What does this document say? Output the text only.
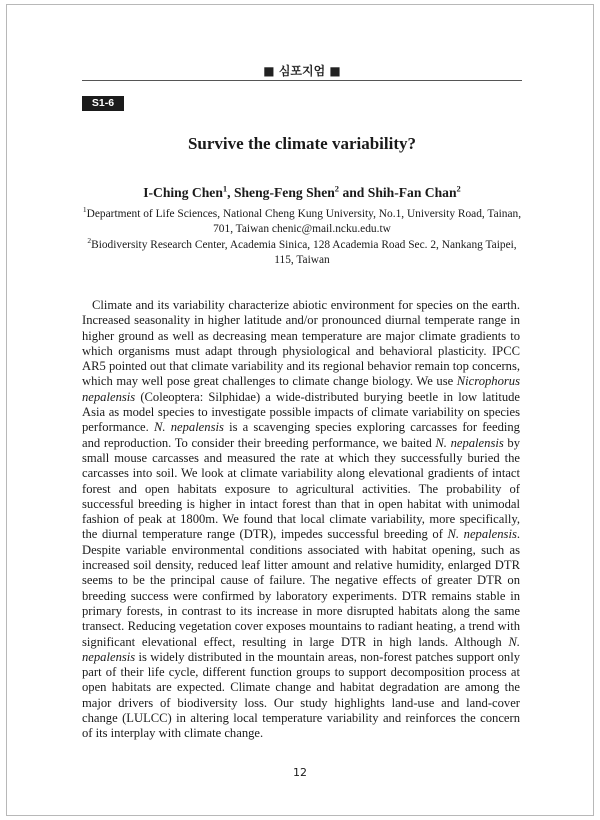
■ 심포지엄 ■
S1-6
Survive the climate variability?
I-Ching Chen$^1$, Sheng-Feng Shen$^2$ and Shih-Fan Chan$^2$
$^1$Department of Life Sciences, National Cheng Kung University, No.1, University Road, Tainan,
701, Taiwan chenic@mail.ncku.edu.tw
$^2$Biodiversity Research Center, Academia Sinica, 128 Academia Road Sec. 2, Nankang Taipei,
115, Taiwan

Climate and its variability characterize abiotic environment for species on the earth. Increased seasonality in higher latitude and/or pronounced diurnal temperate range in higher ground as well as decreasing mean temperature are major climate gradients to which organisms must adapt through physiological and behavioral plasticity. IPCC AR5 pointed out that climate variability and its regional behavior remain top concerns, which may well pose great challenges to climate change biology. We use Nicrophorus nepalensis (Coleoptera: Silphidae) a wide-distributed burying beetle in low latitude Asia as model species to investigate possible impacts of climate variability on species performance. N. nepalensis is a scavenging species exploring carcasses for feeding and reproduction. To consider their breeding performance, we baited N. nepalensis by small mouse carcasses and measured the rate at which they successfully buried the carcasses into soil. We look at climate variability along elevational gradients of intact forest and open habitats exposure to agricultural activities. The probability of successful breeding is higher in intact forest than that in open habitat with unimodal fashion of peak at 1800m. We found that local climate variability, more specifically, the diurnal temperature range (DTR), impedes successful breeding of N. nepalensis. Despite variable environmental conditions associated with habitat opening, such as increased soil density, reduced leaf litter amount and relative humidity, enlarged DTR seems to be the principal cause of failure. The negative effects of greater DTR on breeding success were confirmed by laboratory experiments. DTR remains stable in primary forests, in contrast to its increase in more disrupted habitats along the same transect. Reducing vegetation cover exposes mountains to radiant heating, a trend with significant elevational effect, resulting in large DTR in high lands. Although N. nepalensis is widely distributed in the mountain areas, non-forest patches support only part of their life cycle, different function groups to support decomposition process at open habitats are expected. Climate change and habitat degradation are among the major drivers of biodiversity loss. Our study highlights land-use and land-cover change (LULCC) in altering local temperature variability and reinforces the concern of its interplay with climate change.

12
